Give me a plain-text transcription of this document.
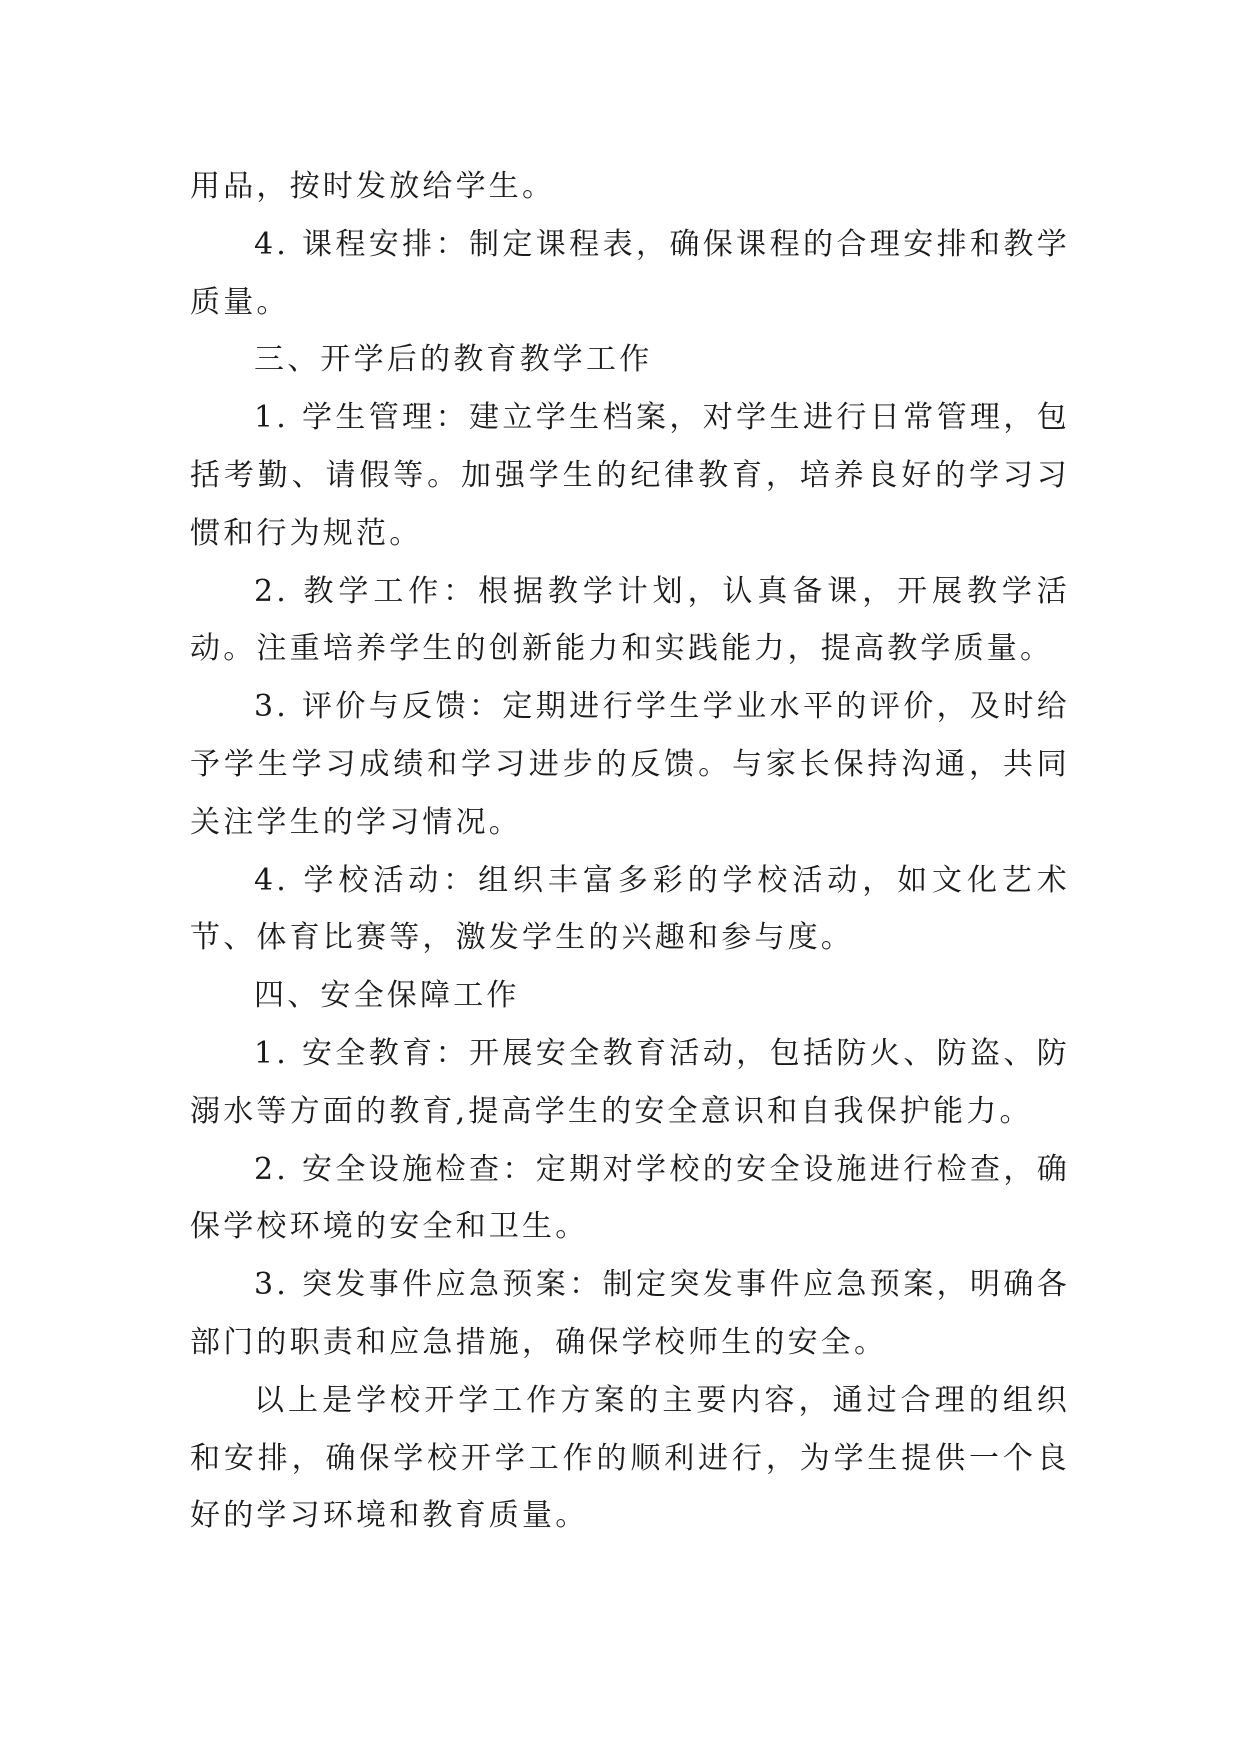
用品，按时发放给学生。

4. 课程安排：制定课程表，确保课程的合理安排和教学质量。

三、开学后的教育教学工作

1. 学生管理：建立学生档案，对学生进行日常管理，包括考勤、请假等。加强学生的纪律教育，培养良好的学习习惯和行为规范。

2. 教学工作：根据教学计划，认真备课，开展教学活动。注重培养学生的创新能力和实践能力，提高教学质量。

3. 评价与反馈：定期进行学生学业水平的评价，及时给予学生学习成绩和学习进步的反馈。与家长保持沟通，共同关注学生的学习情况。

4. 学校活动：组织丰富多彩的学校活动，如文化艺术节、体育比赛等，激发学生的兴趣和参与度。

四、安全保障工作

1. 安全教育：开展安全教育活动，包括防火、防盗、防溺水等方面的教育,提高学生的安全意识和自我保护能力。

2. 安全设施检查：定期对学校的安全设施进行检查，确保学校环境的安全和卫生。

3. 突发事件应急预案：制定突发事件应急预案，明确各部门的职责和应急措施，确保学校师生的安全。

以上是学校开学工作方案的主要内容，通过合理的组织和安排，确保学校开学工作的顺利进行，为学生提供一个良好的学习环境和教育质量。
